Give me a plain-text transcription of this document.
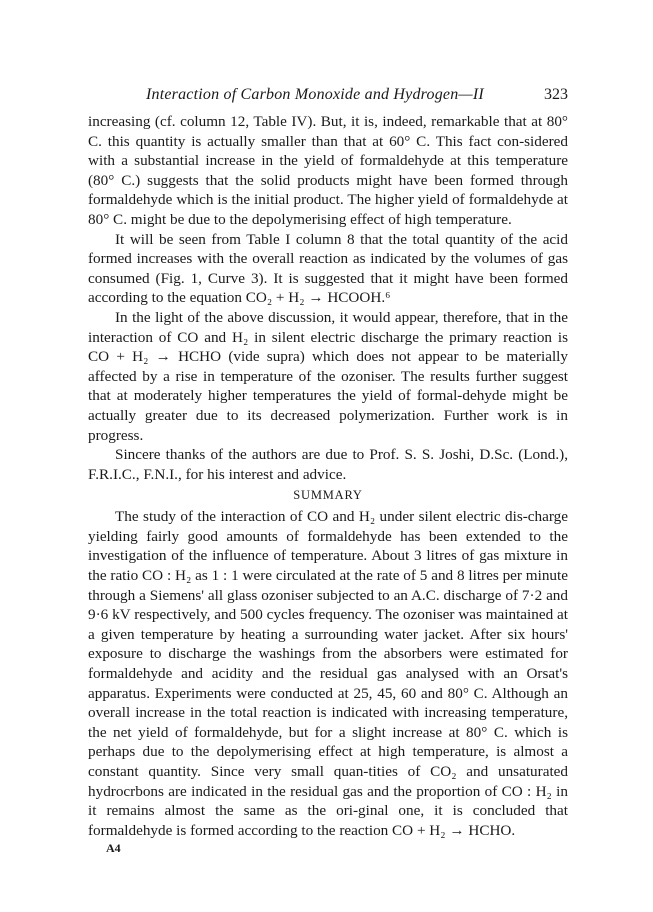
Interaction of Carbon Monoxide and Hydrogen—II	323

increasing (cf. column 12, Table IV). But, it is, indeed, remarkable that at 80° C. this quantity is actually smaller than that at 60° C. This fact con-sidered with a substantial increase in the yield of formaldehyde at this temperature (80° C.) suggests that the solid products might have been formed through formaldehyde which is the initial product. The higher yield of formaldehyde at 80° C. might be due to the depolymerising effect of high temperature.

It will be seen from Table I column 8 that the total quantity of the acid formed increases with the overall reaction as indicated by the volumes of gas consumed (Fig. 1, Curve 3). It is suggested that it might have been formed according to the equation CO₂ + H₂ → HCOOH.⁶

In the light of the above discussion, it would appear, therefore, that in the interaction of CO and H₂ in silent electric discharge the primary reaction is CO + H₂ → HCHO (vide supra) which does not appear to be materially affected by a rise in temperature of the ozoniser. The results further suggest that at moderately higher temperatures the yield of formal-dehyde might be actually greater due to its decreased polymerization. Further work is in progress.

Sincere thanks of the authors are due to Prof. S. S. Joshi, D.Sc. (Lond.), F.R.I.C., F.N.I., for his interest and advice.

SUMMARY

The study of the interaction of CO and H₂ under silent electric dis-charge yielding fairly good amounts of formaldehyde has been extended to the investigation of the influence of temperature. About 3 litres of gas mixture in the ratio CO : H₂ as 1 : 1 were circulated at the rate of 5 and 8 litres per minute through a Siemens' all glass ozoniser subjected to an A.C. discharge of 7·2 and 9·6 kV respectively, and 500 cycles frequency. The ozoniser was maintained at a given temperature by heating a surrounding water jacket. After six hours' exposure to discharge the washings from the absorbers were estimated for formaldehyde and acidity and the residual gas analysed with an Orsat's apparatus. Experiments were conducted at 25, 45, 60 and 80° C. Although an overall increase in the total reaction is indicated with increasing temperature, the net yield of formaldehyde, but for a slight increase at 80° C. which is perhaps due to the depolymerising effect at high temperature, is almost a constant quantity. Since very small quan-tities of CO₂ and unsaturated hydrocrbons are indicated in the residual gas and the proportion of CO : H₂ in it remains almost the same as the ori-ginal one, it is concluded that formaldehyde is formed according to the reaction CO + H₂ → HCHO.

A4
